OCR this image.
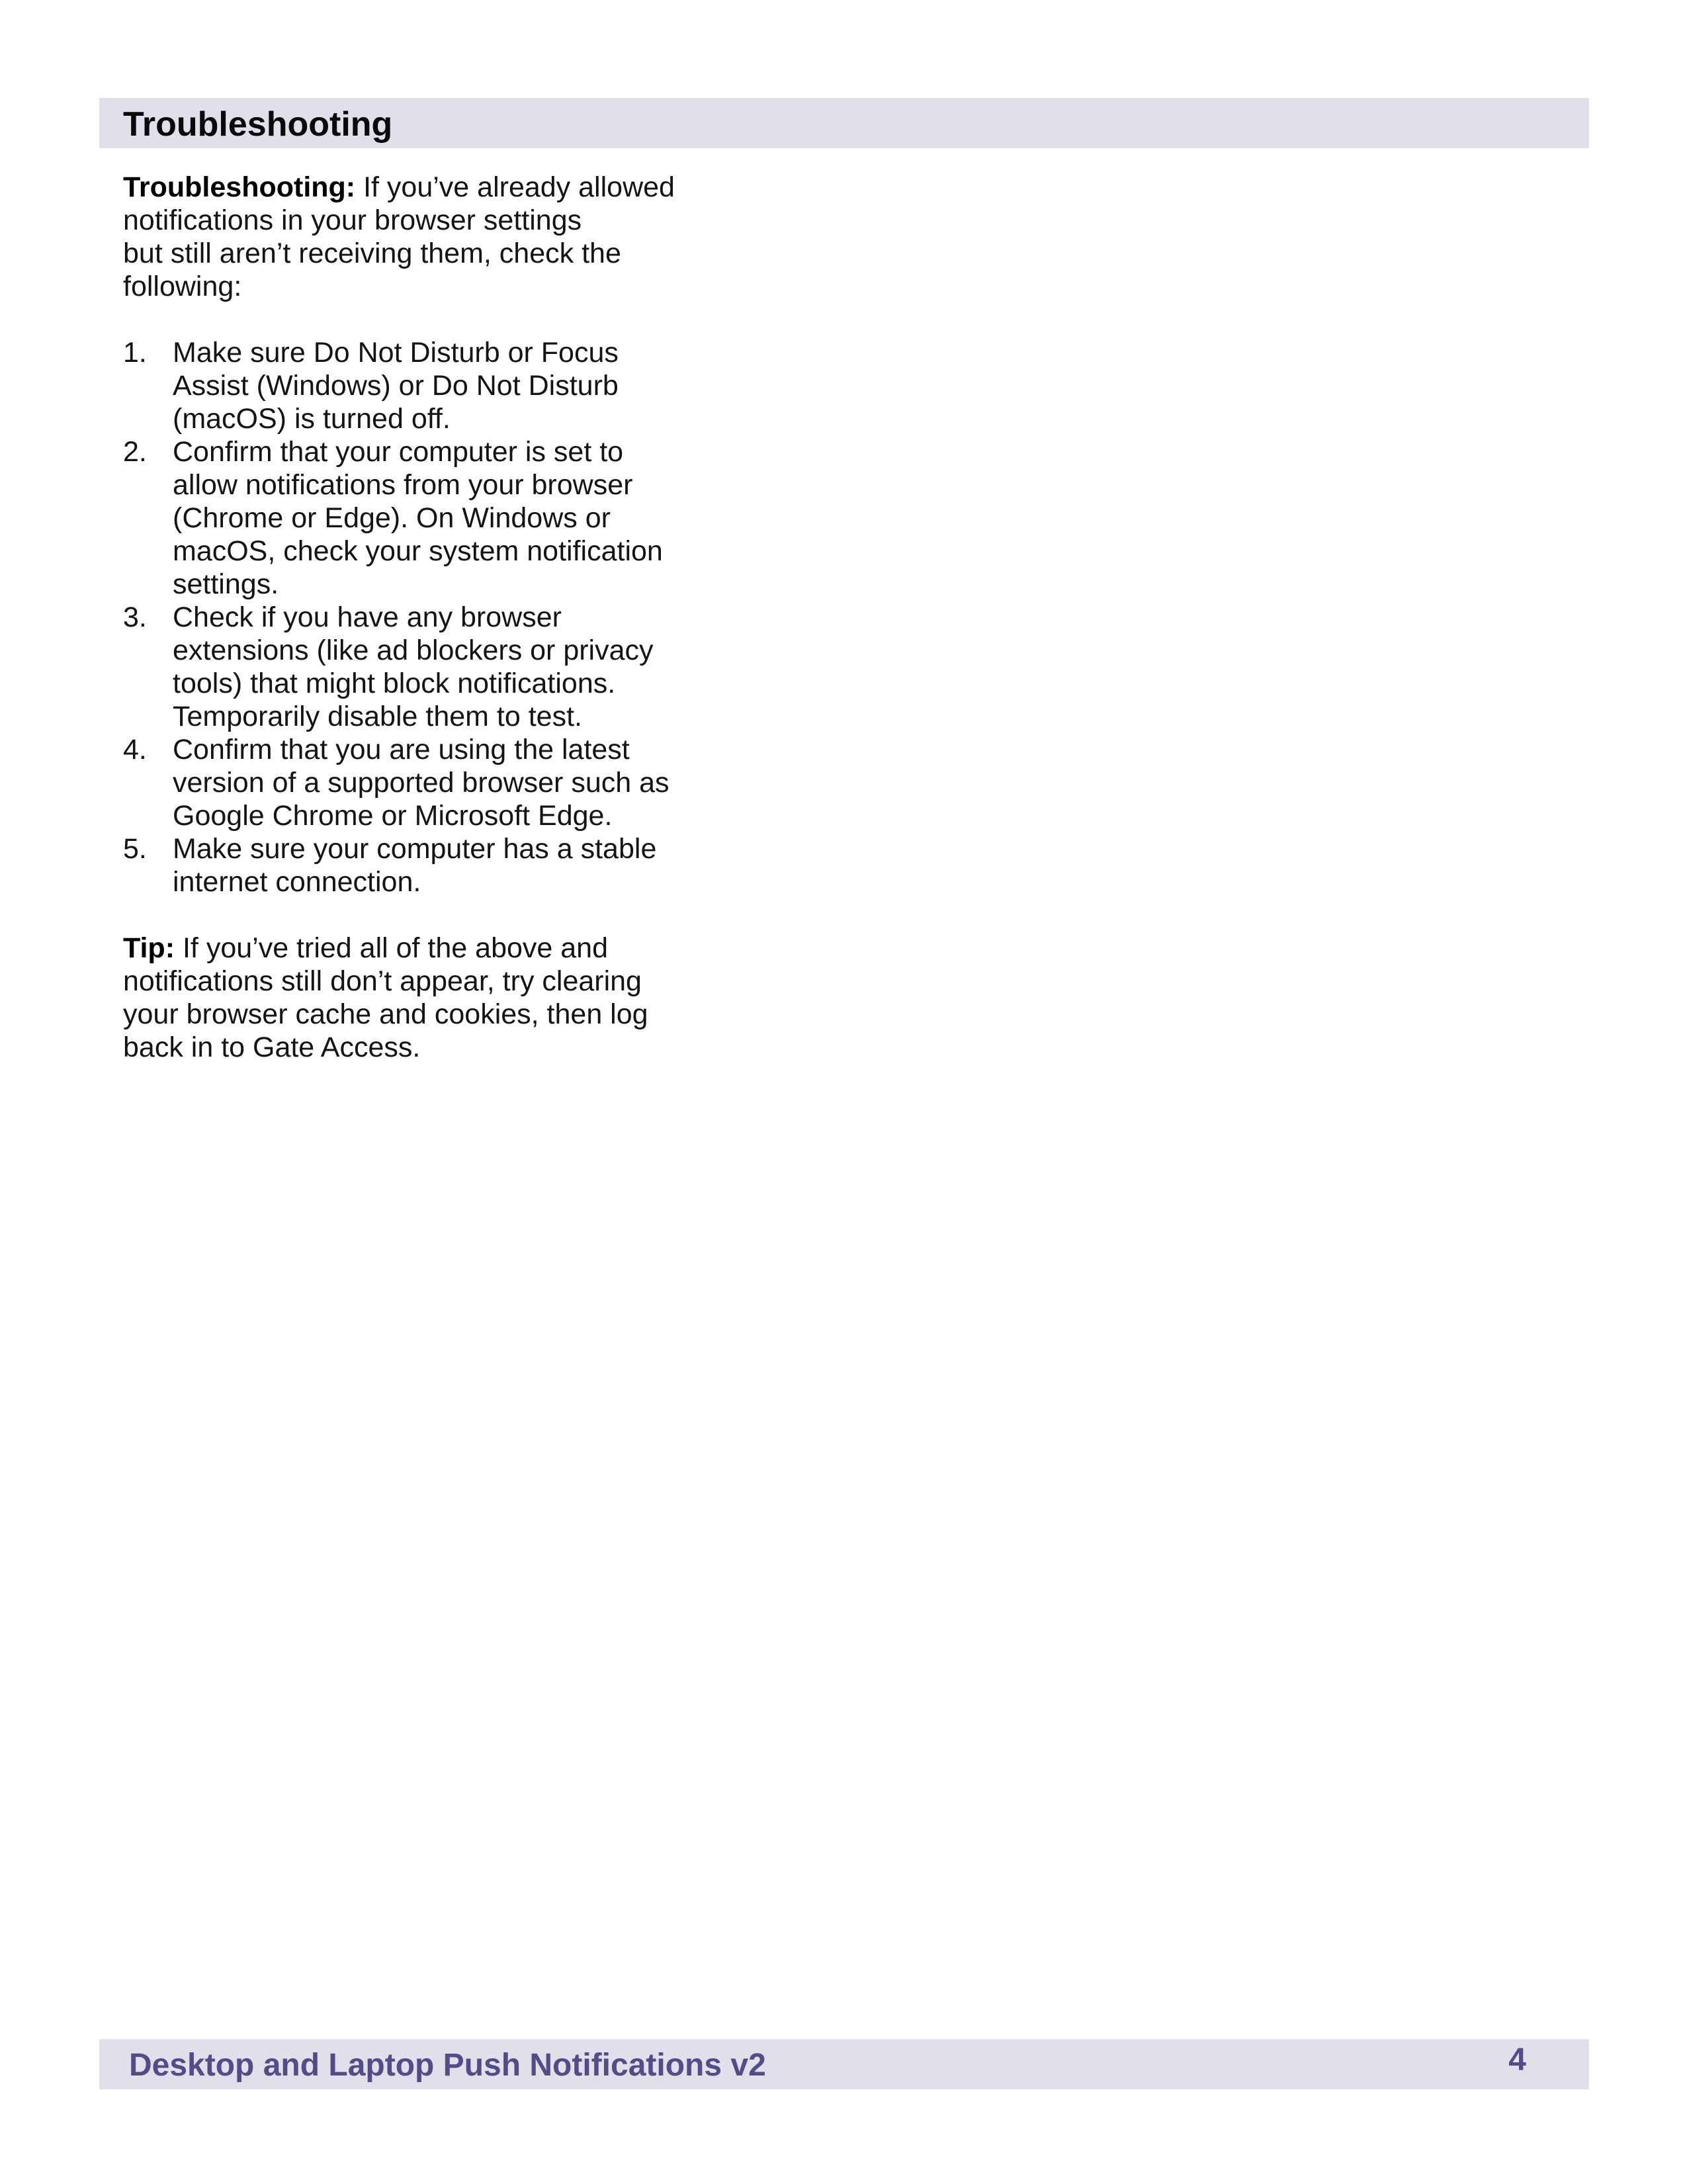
Troubleshooting

Troubleshooting: If you’ve already allowed
notifications in your browser settings
but still aren’t receiving them, check the
following:

1. Make sure Do Not Disturb or Focus
Assist (Windows) or Do Not Disturb
(macOS) is turned off.
2. Confirm that your computer is set to
allow notifications from your browser
(Chrome or Edge). On Windows or
macOS, check your system notification
settings.
3. Check if you have any browser
extensions (like ad blockers or privacy
tools) that might block notifications.
Temporarily disable them to test.
4. Confirm that you are using the latest
version of a supported browser such as
Google Chrome or Microsoft Edge.
5. Make sure your computer has a stable
internet connection.

Tip: If you’ve tried all of the above and
notifications still don’t appear, try clearing
your browser cache and cookies, then log
back in to Gate Access.

Desktop and Laptop Push Notifications v2	4
